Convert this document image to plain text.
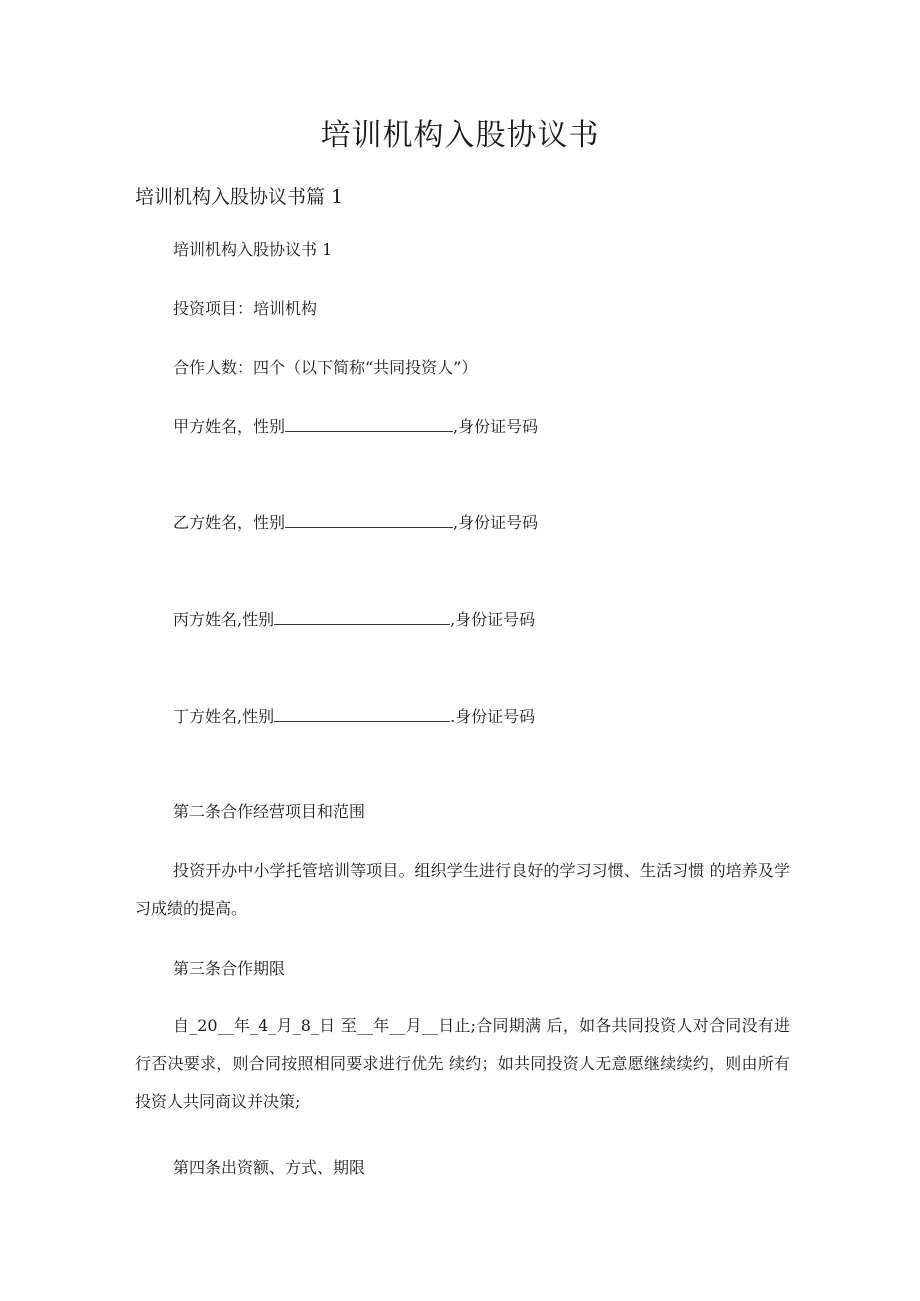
培训机构入股协议书
培训机构入股协议书篇 1
培训机构入股协议书 1
投资项目：培训机构
合作人数：四个（以下简称“共同投资人”）
甲方姓名，性别	,身份证号码
乙方姓名，性别	,身份证号码
丙方姓名,性别	,身份证号码
丁方姓名,性别	.身份证号码
第二条合作经营项目和范围
投资开办中小学托管培训等项目。组织学生进行良好的学习习惯、生活习惯 的培养及学习成绩的提高。
第三条合作期限
自_20__年_4_月_8_日 至__年__月__日止;合同期满 后，如各共同投资人对合同没有进行否决要求，则合同按照相同要求进行优先 续约；如共同投资人无意愿继续续约，则由所有投资人共同商议并决策;
第四条出资额、方式、期限
